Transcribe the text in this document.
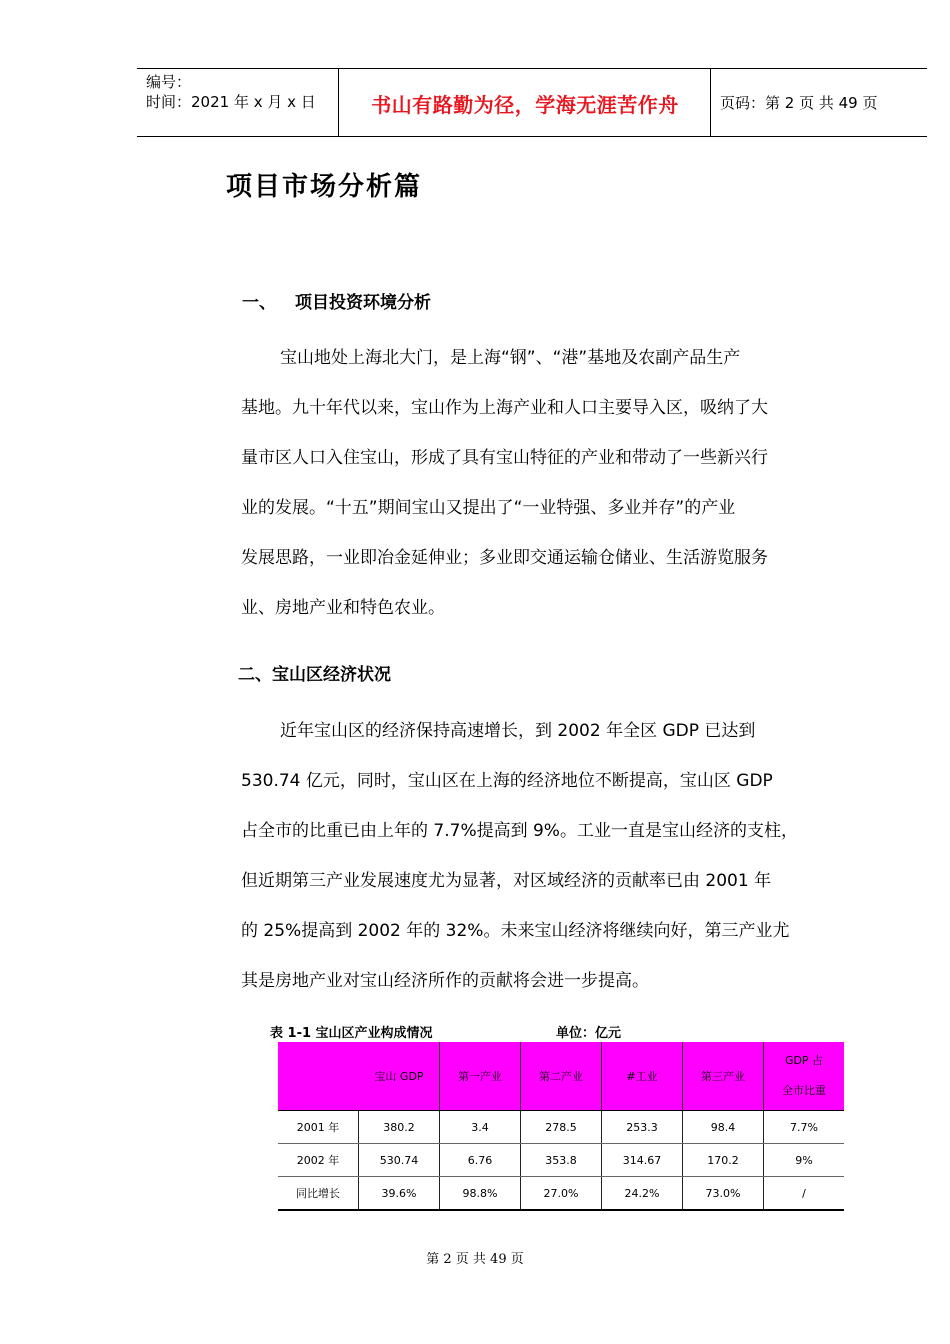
编号：
时间：2021 年 x 月 x 日	书山有路勤为径，学海无涯苦作舟	页码：第 2 页 共 49 页
项目市场分析篇
一、 项目投资环境分析
宝山地处上海北大门，是上海“钢”、“港”基地及农副产品生产
基地。九十年代以来，宝山作为上海产业和人口主要导入区，吸纳了大
量市区人口入住宝山，形成了具有宝山特征的产业和带动了一些新兴行
业的发展。“十五”期间宝山又提出了“一业特强、多业并存”的产业
发展思路，一业即冶金延伸业；多业即交通运输仓储业、生活游览服务
业、房地产业和特色农业。
二、宝山区经济状况
近年宝山区的经济保持高速增长，到 2002 年全区 GDP 已达到
530.74 亿元，同时，宝山区在上海的经济地位不断提高，宝山区 GDP
占全市的比重已由上年的 7.7%提高到 9%。工业一直是宝山经济的支柱，
但近期第三产业发展速度尤为显著，对区域经济的贡献率已由 2001 年
的 25%提高到 2002 年的 32%。未来宝山经济将继续向好，第三产业尤
其是房地产业对宝山经济所作的贡献将会进一步提高。
表 1-1 宝山区产业构成情况	单位：亿元
	宝山 GDP	第一产业	第二产业	#工业	第三产业	GDP 占
全市比重

2001 年	380.2	3.4	278.5	253.3	98.4	7.7%
2002 年	530.74	6.76	353.8	314.67	170.2	9%
同比增长	39.6%	98.8%	27.0%	24.2%	73.0%	/
第 2 页 共 49 页
